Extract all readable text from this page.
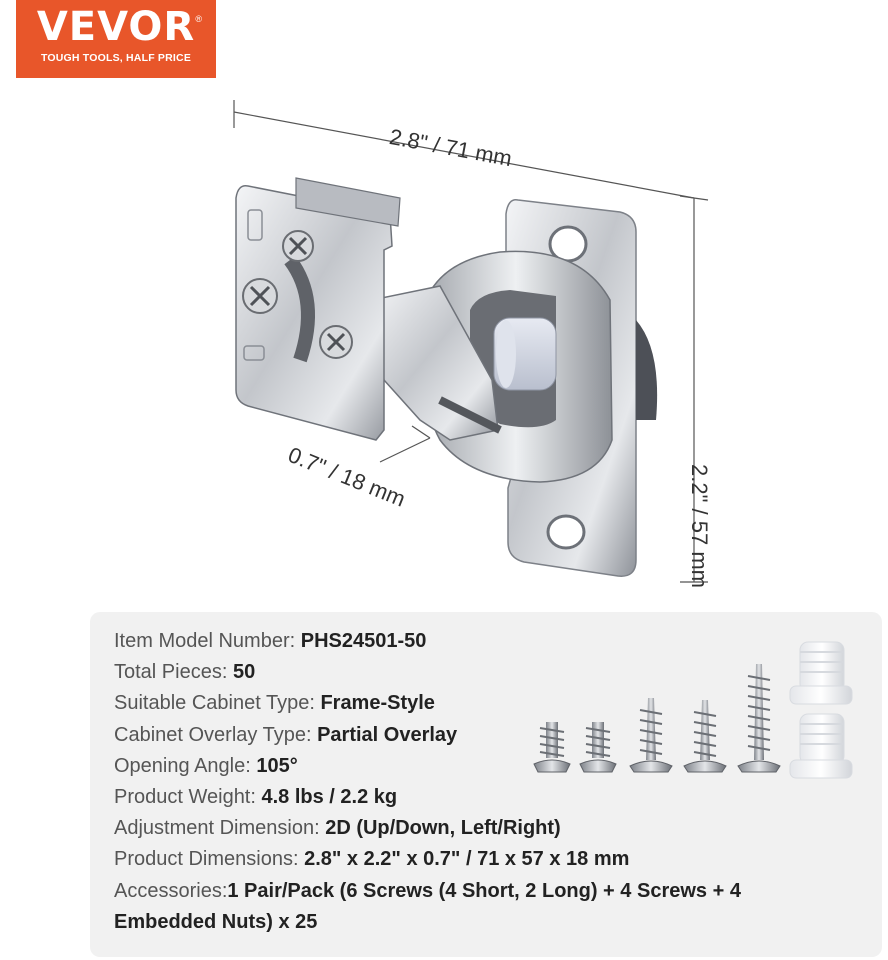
VEVOR ®
TOUGH TOOLS, HALF PRICE
2.8" / 71 mm
2.2" / 57 mm
0.7" / 18 mm
Item Model Number: PHS24501-50
Total Pieces: 50
Suitable Cabinet Type: Frame-Style
Cabinet Overlay Type: Partial Overlay
Opening Angle: 105°
Product Weight: 4.8 lbs / 2.2 kg
Adjustment Dimension: 2D (Up/Down, Left/Right)
Product Dimensions: 2.8" x 2.2" x 0.7" / 71 x 57 x 18 mm
Accessories:1 Pair/Pack (6 Screws (4 Short, 2 Long) + 4 Screws + 4 Embedded Nuts) x 25
